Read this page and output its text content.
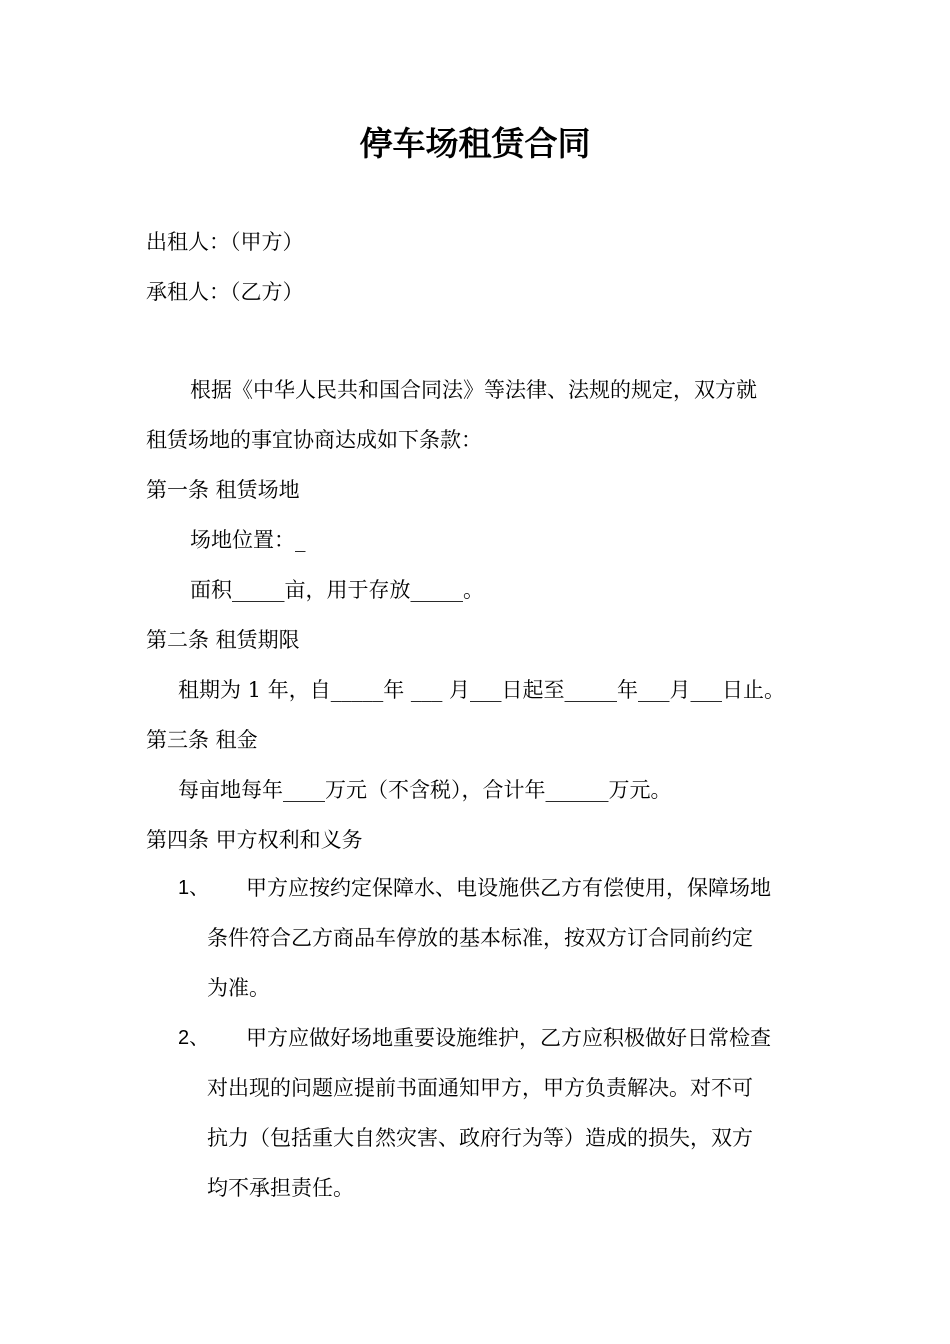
停车场租赁合同
出租人：（甲方）
承租人：（乙方）
根据《中华人民共和国合同法》等法律、法规的规定，双方就
租赁场地的事宜协商达成如下条款：
第一条 租赁场地
场地位置：_
面积_____亩，用于存放_____。
第二条 租赁期限
租期为 1 年，自_____年 ___ 月___日起至_____年___月___日止。
第三条 租金
每亩地每年____万元（不含税），合计年______万元。
第四条 甲方权利和义务
1、 甲方应按约定保障水、电设施供乙方有偿使用，保障场地
条件符合乙方商品车停放的基本标准，按双方订合同前约定
为准。
2、 甲方应做好场地重要设施维护，乙方应积极做好日常检查
对出现的问题应提前书面通知甲方，甲方负责解决。对不可
抗力（包括重大自然灾害、政府行为等）造成的损失，双方
均不承担责任。
